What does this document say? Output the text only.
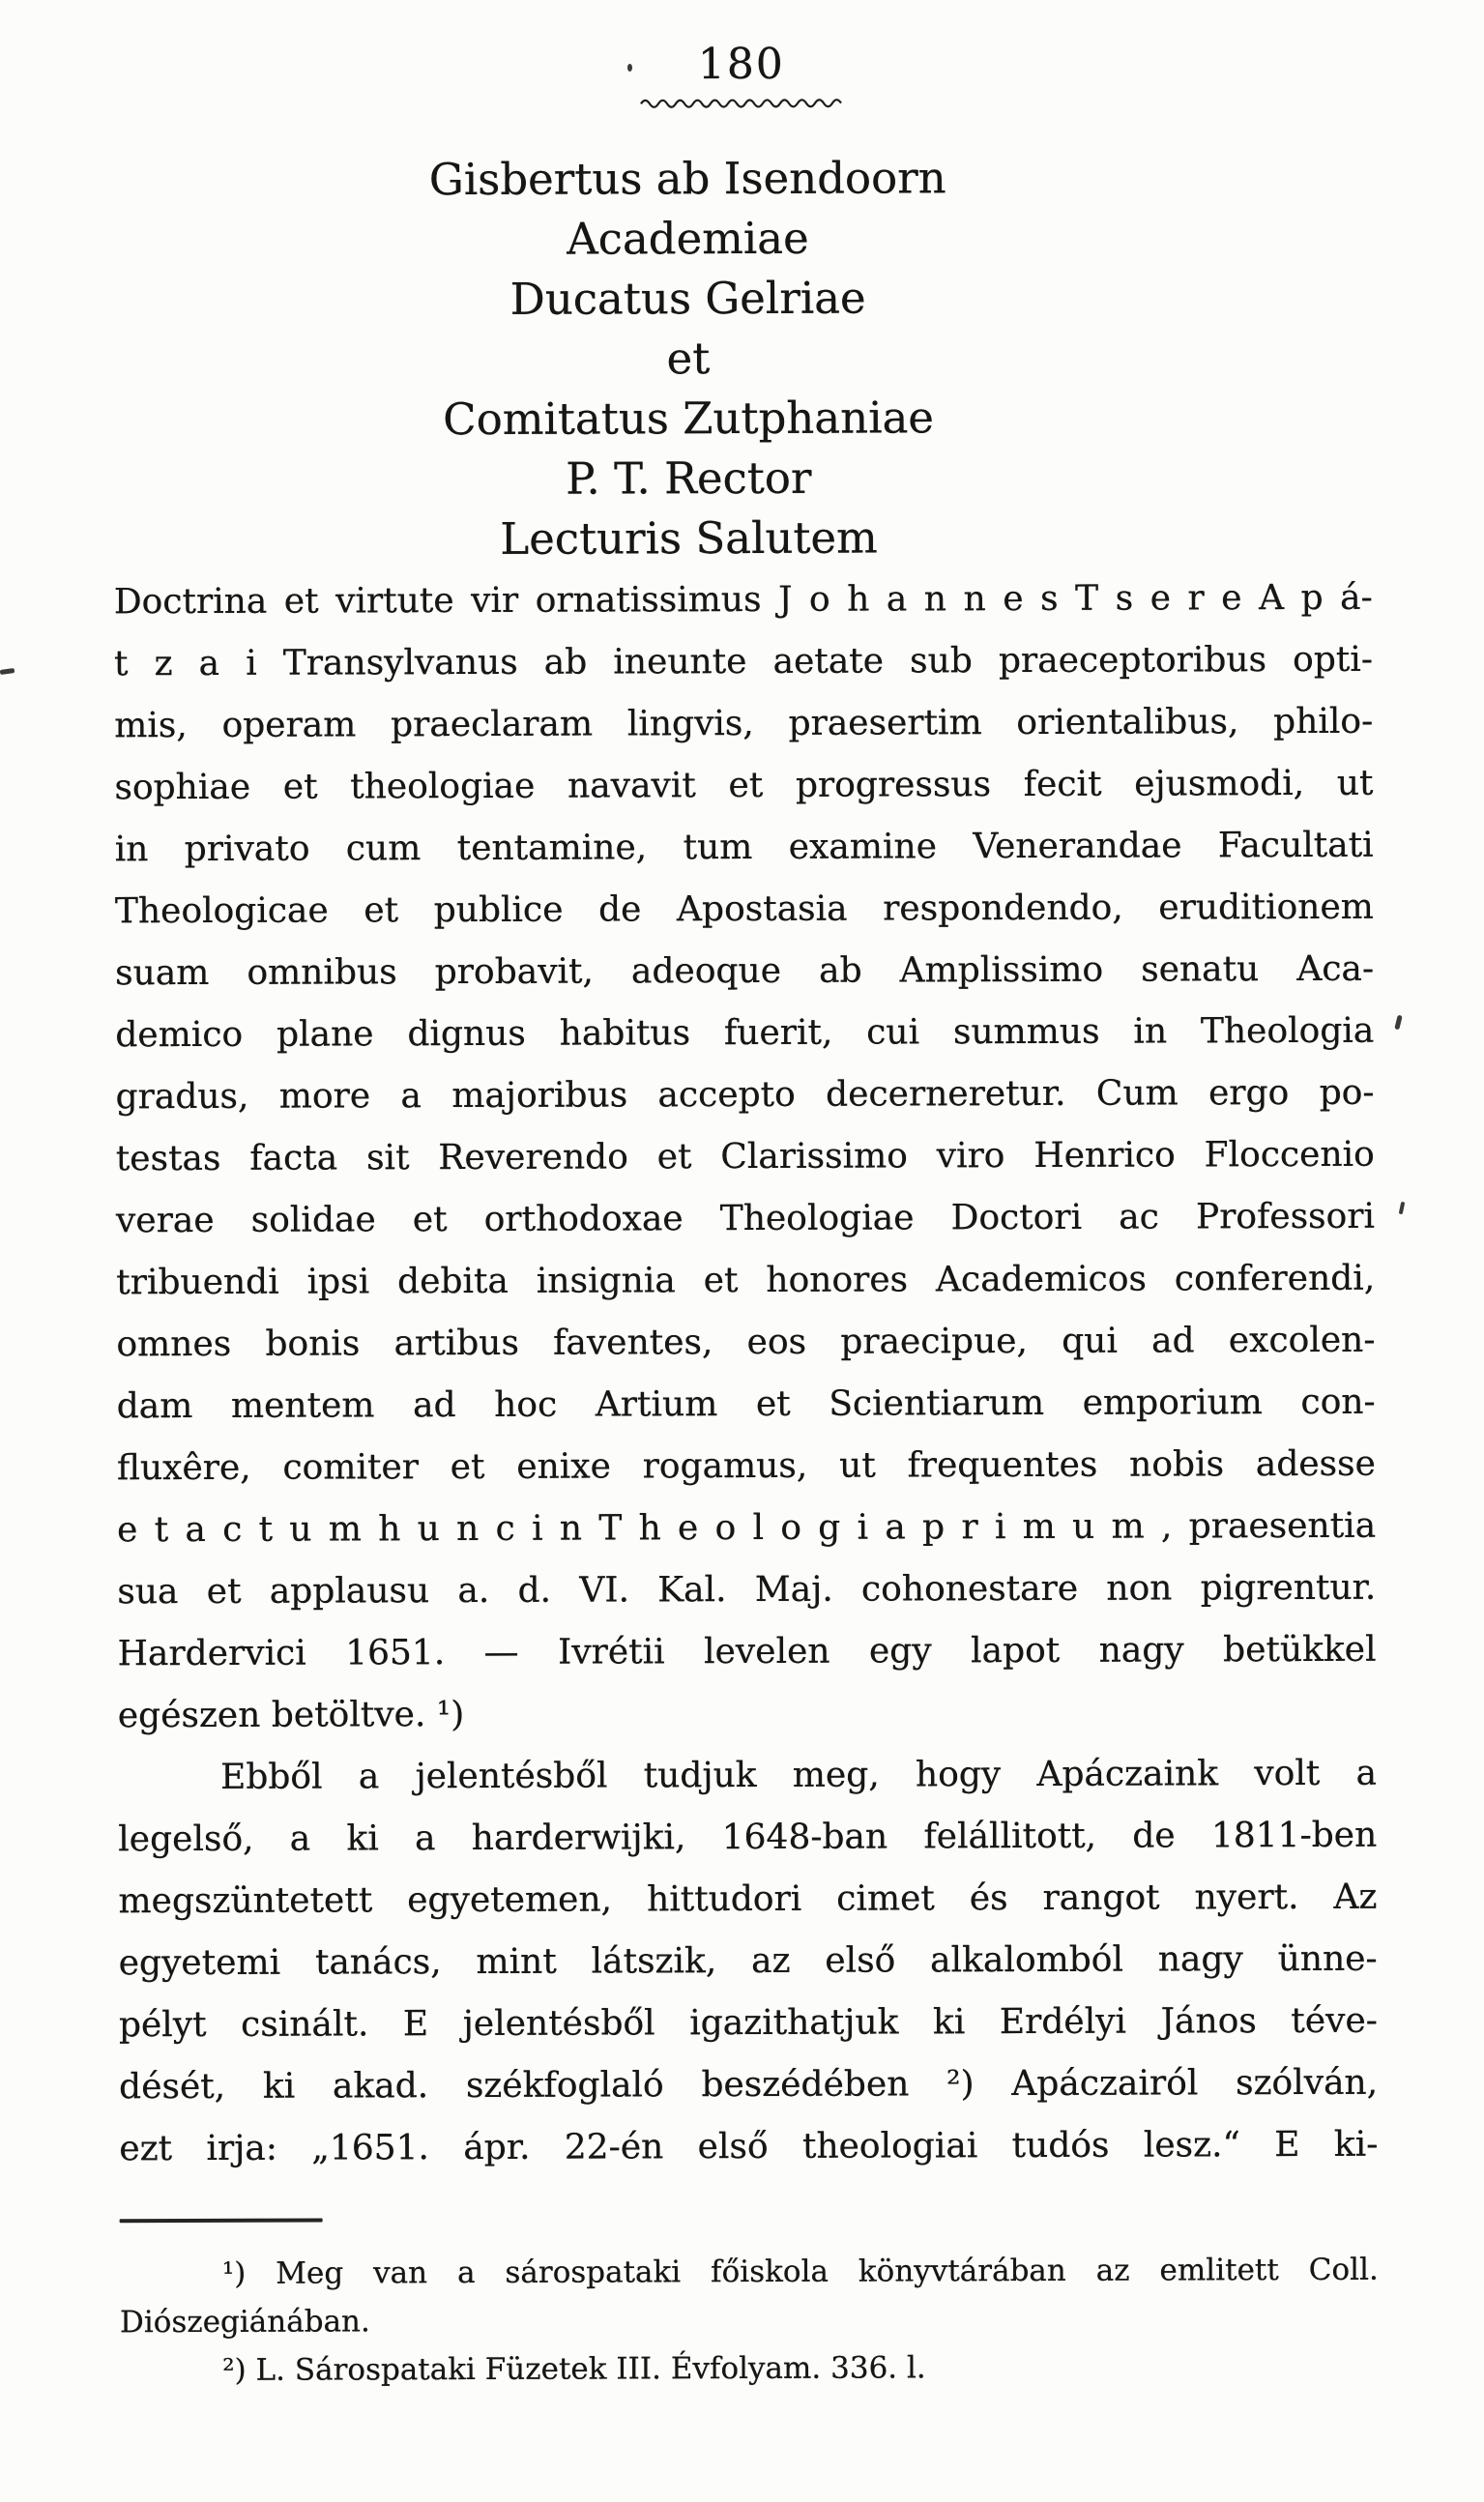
180
Gisbertus ab Isendoorn
Academiae
Ducatus Gelriae
et
Comitatus Zutphaniae
P. T. Rector
Lecturis Salutem
Doctrina et virtute vir ornatissimus J o h a n n e s T s e r e A p á-
t z a i Transylvanus ab ineunte aetate sub praeceptoribus opti-
mis, operam praeclaram lingvis, praesertim orientalibus, philo-
sophiae et theologiae navavit et progressus fecit ejusmodi, ut
in privato cum tentamine, tum examine Venerandae Facultati
Theologicae et publice de Apostasia respondendo, eruditionem
suam omnibus probavit, adeoque ab Amplissimo senatu Aca-
demico plane dignus habitus fuerit, cui summus in Theologia
gradus, more a majoribus accepto decerneretur. Cum ergo po-
testas facta sit Reverendo et Clarissimo viro Henrico Floccenio
verae solidae et orthodoxae Theologiae Doctori ac Professori
tribuendi ipsi debita insignia et honores Academicos conferendi,
omnes bonis artibus faventes, eos praecipue, qui ad excolen-
dam mentem ad hoc Artium et Scientiarum emporium con-
fluxêre, comiter et enixe rogamus, ut frequentes nobis adesse
e t a c t u m h u n c i n T h e o l o g i a p r i m u m , praesentia
sua et applausu a. d. VI. Kal. Maj. cohonestare non pigrentur.
Hardervici 1651. — Ivrétii levelen egy lapot nagy betükkel
egészen betöltve. ¹)
Ebből a jelentésből tudjuk meg, hogy Apáczaink volt a
legelső, a ki a harderwijki, 1648-ban felállitott, de 1811-ben
megszüntetett egyetemen, hittudori cimet és rangot nyert. Az
egyetemi tanács, mint látszik, az első alkalomból nagy ünne-
pélyt csinált. E jelentésből igazithatjuk ki Erdélyi János téve-
dését, ki akad. székfoglaló beszédében ²) Apáczairól szólván,
ezt irja: „1651. ápr. 22-én első theologiai tudós lesz.“ E ki-
¹) Meg van a sárospataki főiskola könyvtárában az emlitett Coll.
Diószegiánában.
²) L. Sárospataki Füzetek III. Évfolyam. 336. l.
